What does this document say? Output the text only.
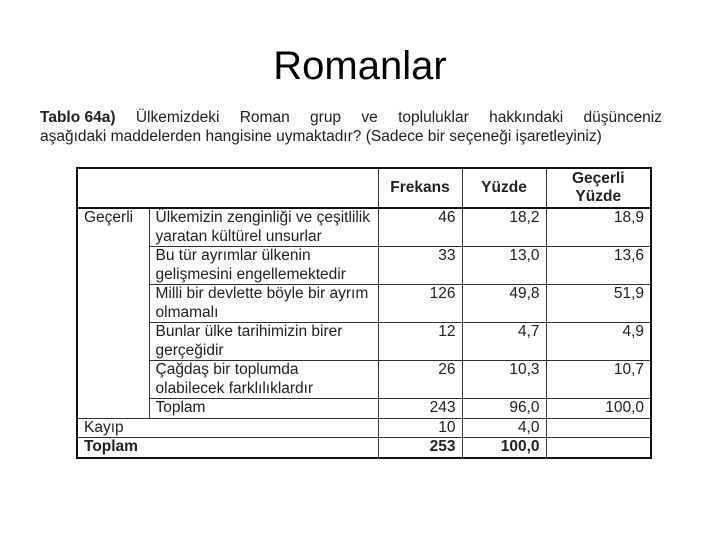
Romanlar
Tablo 64a) Ülkemizdeki Roman grup ve topluluklar hakkındaki düşünceniz
aşağıdaki maddelerden hangisine uymaktadır? (Sadece bir seçeneği işaretleyiniz)
		Frekans	Yüzde	Geçerli Yüzde
Geçerli	Ülkemizin zenginliği ve çeşitlilik yaratan kültürel unsurlar	46	18,2	18,9
	Bu tür ayrımlar ülkenin gelişmesini engellemektedir	33	13,0	13,6
	Milli bir devlette böyle bir ayrım olmamalı	126	49,8	51,9
	Bunlar ülke tarihimizin birer gerçeğidir	12	4,7	4,9
	Çağdaş bir toplumda olabilecek farklılıklardır	26	10,3	10,7
	Toplam	243	96,0	100,0
Kayıp		10	4,0	
Toplam		253	100,0	
